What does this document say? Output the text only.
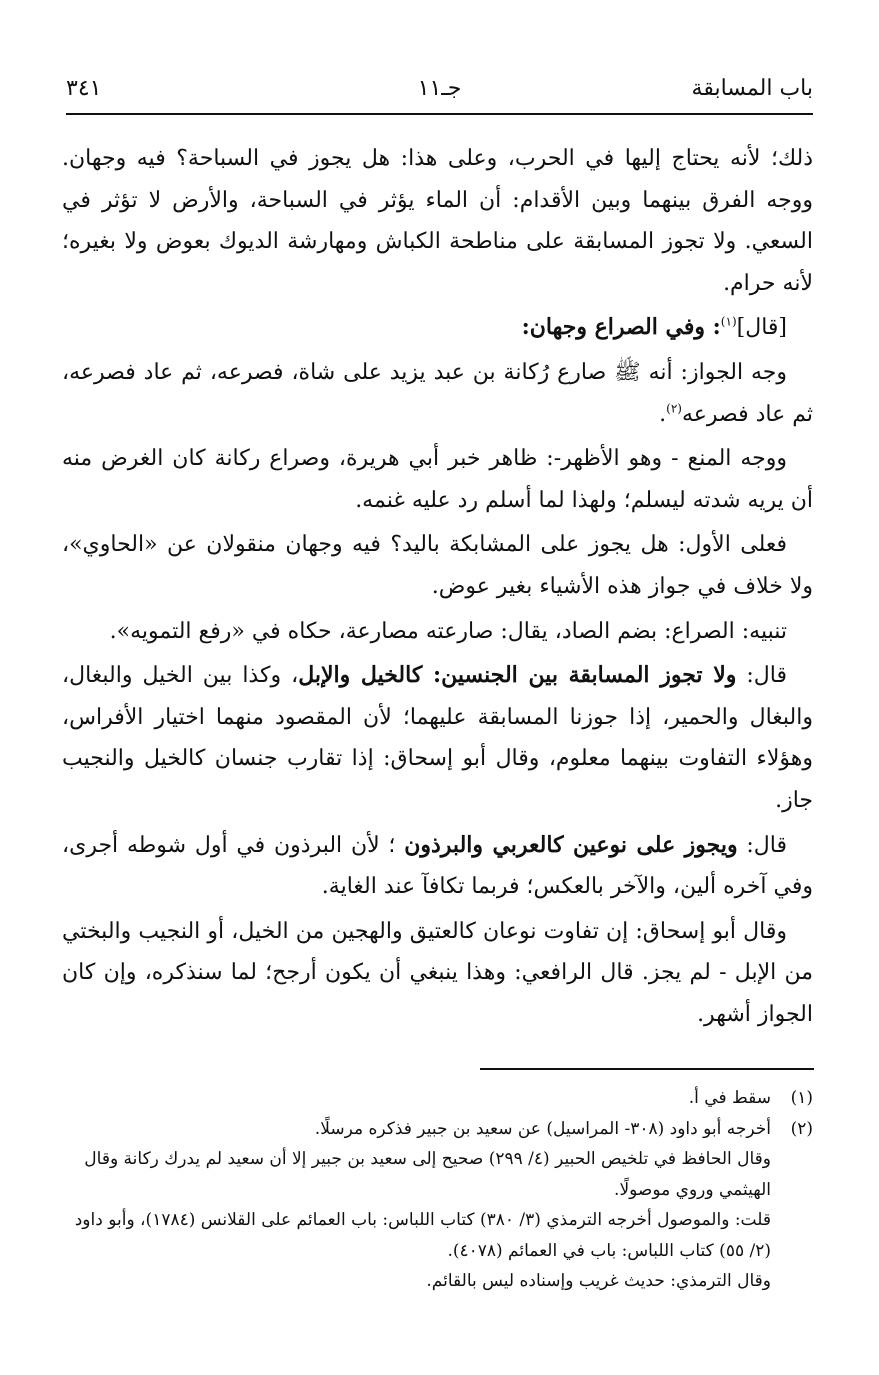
باب المسابقة
جـ١١
٣٤١

ذلك؛ لأنه يحتاج إليها في الحرب، وعلى هذا: هل يجوز في السباحة؟ فيه وجهان. ووجه الفرق بينهما وبين الأقدام: أن الماء يؤثر في السباحة، والأرض لا تؤثر في السعي. ولا تجوز المسابقة على مناطحة الكباش ومهارشة الديوك بعوض ولا بغيره؛ لأنه حرام.

[قال]$^{(١)}$: وفي الصراع وجهان:

وجه الجواز: أنه ﷺ صارع رُكانة بن عبد يزيد على شاة، فصرعه، ثم عاد فصرعه، ثم عاد فصرعه$^{(٢)}$.

ووجه المنع - وهو الأظهر-: ظاهر خبر أبي هريرة، وصراع ركانة كان الغرض منه أن يريه شدته ليسلم؛ ولهذا لما أسلم رد عليه غنمه.

فعلى الأول: هل يجوز على المشابكة باليد؟ فيه وجهان منقولان عن «الحاوي»، ولا خلاف في جواز هذه الأشياء بغير عوض.

تنبيه: الصراع: بضم الصاد، يقال: صارعته مصارعة، حكاه في «رفع التمويه».

قال: ولا تجوز المسابقة بين الجنسين: كالخيل والإبل، وكذا بين الخيل والبغال، والبغال والحمير، إذا جوزنا المسابقة عليهما؛ لأن المقصود منهما اختيار الأفراس، وهؤلاء التفاوت بينهما معلوم، وقال أبو إسحاق: إذا تقارب جنسان كالخيل والنجيب جاز.

قال: ويجوز على نوعين كالعربي والبرذون ؛ لأن البرذون في أول شوطه أجرى، وفي آخره ألين، والآخر بالعكس؛ فربما تكافآ عند الغاية.

وقال أبو إسحاق: إن تفاوت نوعان كالعتيق والهجين من الخيل، أو النجيب والبختي من الإبل - لم يجز. قال الرافعي: وهذا ينبغي أن يكون أرجح؛ لما سنذكره، وإن كان الجواز أشهر.

(١)
سقط في أ.
(٢)
أخرجه أبو داود (٣٠٨- المراسيل) عن سعيد بن جبير فذكره مرسلًا.
وقال الحافظ في تلخيص الحبير (٤/ ٢٩٩) صحيح إلى سعيد بن جبير إلا أن سعيد لم يدرك ركانة وقال الهيثمي وروي موصولًا.
قلت: والموصول أخرجه الترمذي (٣/ ٣٨٠) كتاب اللباس: باب العمائم على القلانس (١٧٨٤)، وأبو داود (٢/ ٥٥) كتاب اللباس: باب في العمائم (٤٠٧٨).
وقال الترمذي: حديث غريب وإسناده ليس بالقائم.
